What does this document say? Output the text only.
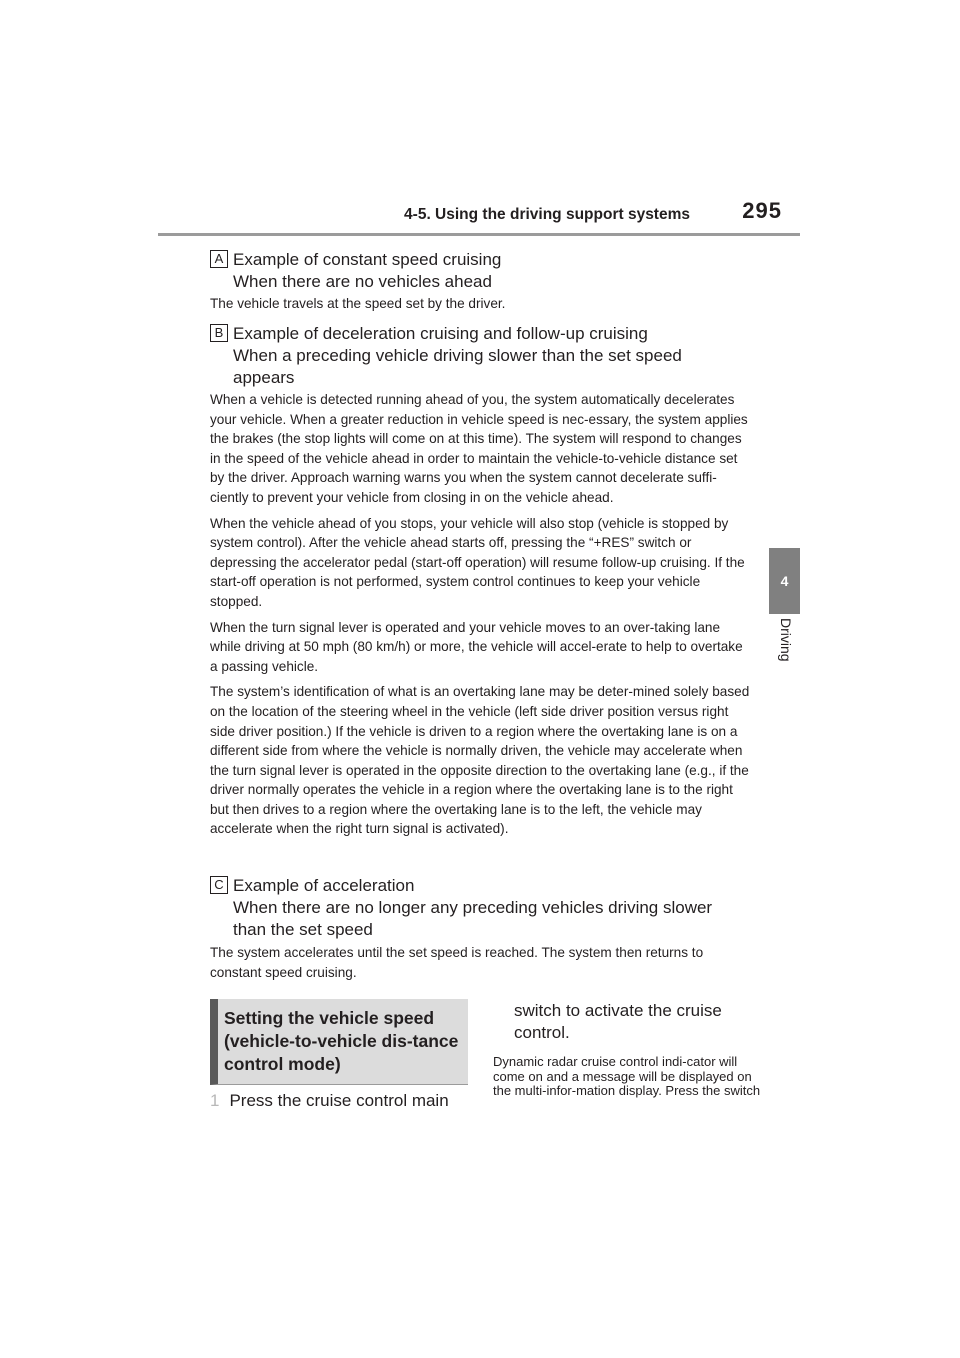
4-5. Using the driving support systems	295
4
Driving
A Example of constant speed cruising
When there are no vehicles ahead
The vehicle travels at the speed set by the driver.
B Example of deceleration cruising and follow-up cruising
When a preceding vehicle driving slower than the set speed appears
When a vehicle is detected running ahead of you, the system automatically decelerates your vehicle. When a greater reduction in vehicle speed is nec-essary, the system applies the brakes (the stop lights will come on at this time). The system will respond to changes in the speed of the vehicle ahead in order to maintain the vehicle-to-vehicle distance set by the driver. Approach warning warns you when the system cannot decelerate suffi-ciently to prevent your vehicle from closing in on the vehicle ahead.
When the vehicle ahead of you stops, your vehicle will also stop (vehicle is stopped by system control). After the vehicle ahead starts off, pressing the “+RES” switch or depressing the accelerator pedal (start-off operation) will resume follow-up cruising. If the start-off operation is not performed, system control continues to keep your vehicle stopped.
When the turn signal lever is operated and your vehicle moves to an over-taking lane while driving at 50 mph (80 km/h) or more, the vehicle will accel-erate to help to overtake a passing vehicle.
The system’s identification of what is an overtaking lane may be deter-mined solely based on the location of the steering wheel in the vehicle (left side driver position versus right side driver position.) If the vehicle is driven to a region where the overtaking lane is on a different side from where the vehicle is normally driven, the vehicle may accelerate when the turn signal lever is operated in the opposite direction to the overtaking lane (e.g., if the driver normally operates the vehicle in a region where the overtaking lane is to the right but then drives to a region where the overtaking lane is to the left, the vehicle may accelerate when the right turn signal is activated).
C Example of acceleration
When there are no longer any preceding vehicles driving slower than the set speed
The system accelerates until the set speed is reached. The system then returns to constant speed cruising.
Setting the vehicle speed (vehicle-to-vehicle dis-tance control mode)
1 Press the cruise control main
switch to activate the cruise control.
Dynamic radar cruise control indi-cator will come on and a message will be displayed on the multi-infor-mation display. Press the switch
